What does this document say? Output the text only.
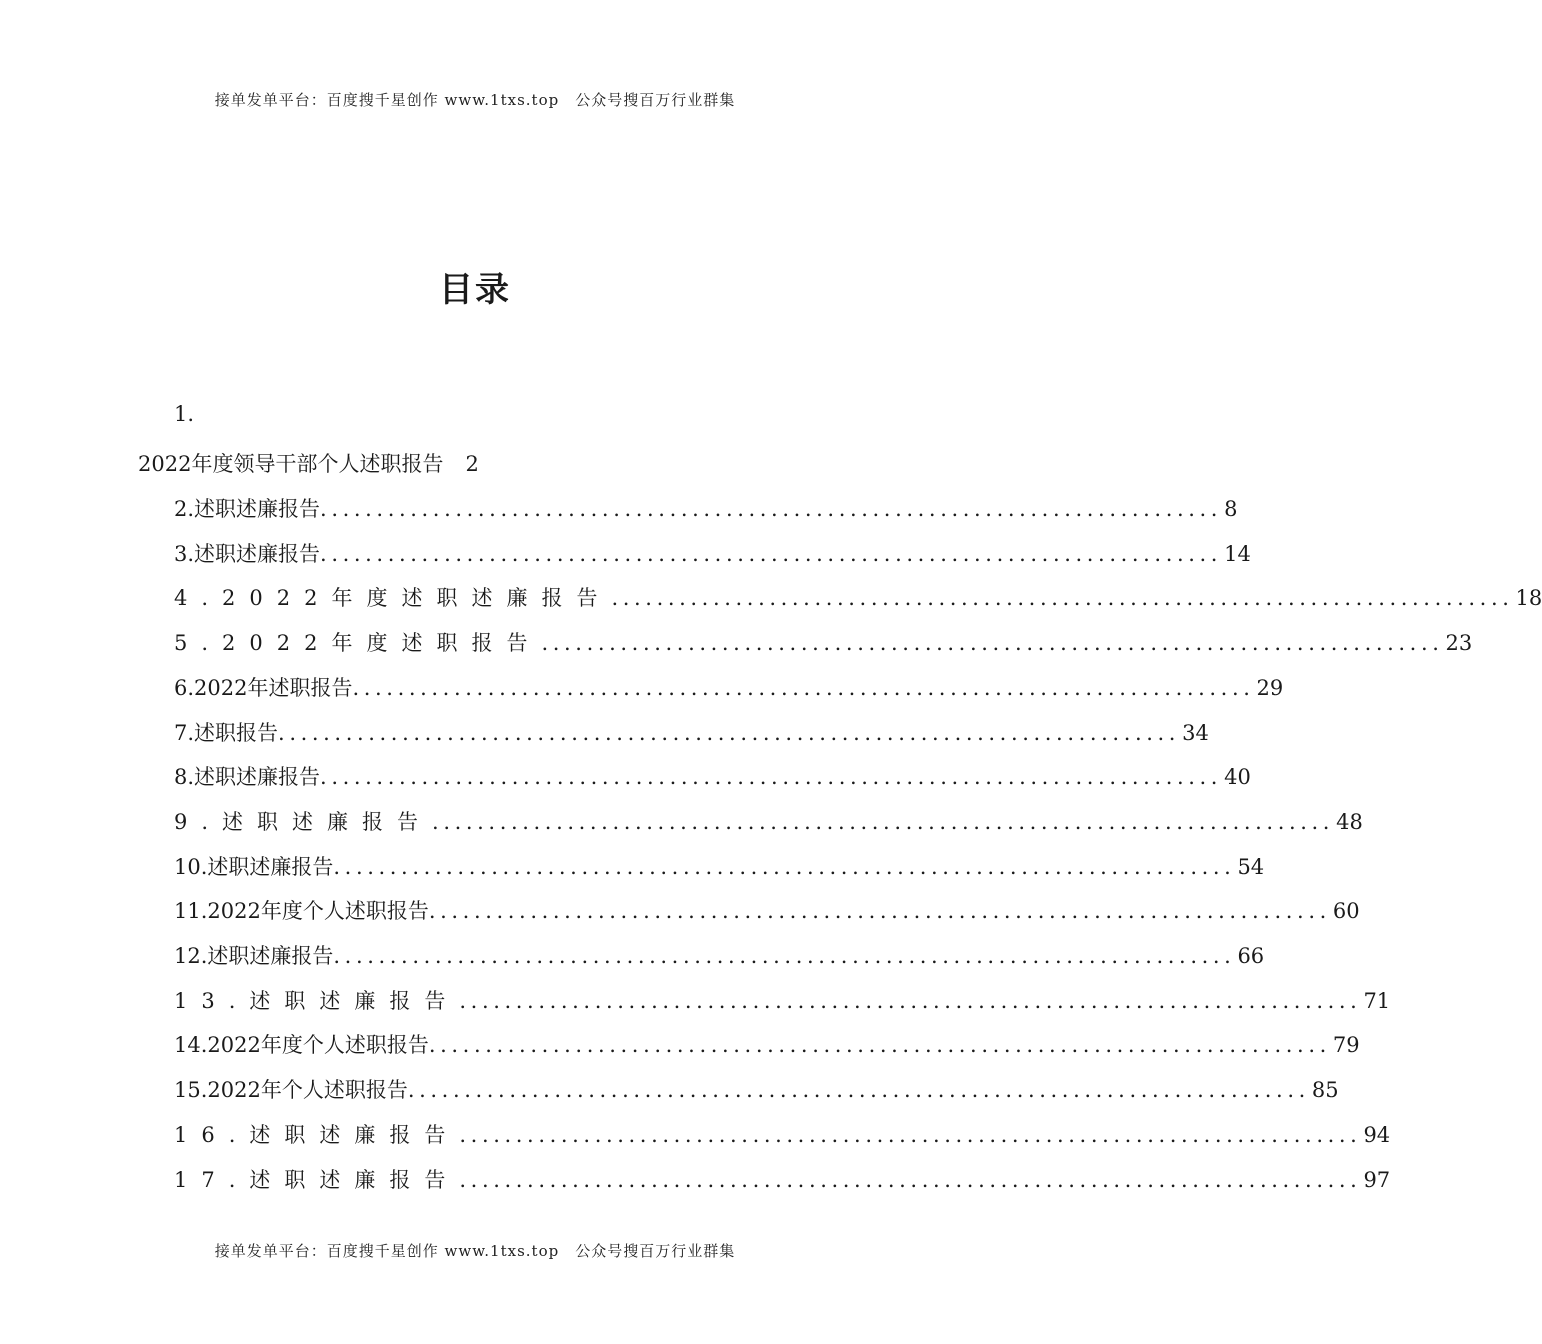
接单发单平台：百度搜千星创作 www.1txs.top　公众号搜百万行业群集
目录
1.
2022年度领导干部个人述职报告 2
2.述职述廉报告 ................................................................................ 8
3.述职述廉报告 ................................................................................ 14
4.2022年度述职述廉报告 ................................................................................ 18
5.2022年度述职报告 ................................................................................ 23
6.2022年述职报告 ................................................................................ 29
7.述职报告 ................................................................................ 34
8.述职述廉报告 ................................................................................ 40
9.述职述廉报告 ................................................................................ 48
10.述职述廉报告 ................................................................................ 54
11.2022年度个人述职报告 ................................................................................ 60
12.述职述廉报告 ................................................................................ 66
13.述职述廉报告 ................................................................................ 71
14.2022年度个人述职报告 ................................................................................ 79
15.2022年个人述职报告 ................................................................................ 85
16.述职述廉报告 ................................................................................ 94
17.述职述廉报告 ................................................................................ 97
接单发单平台：百度搜千星创作 www.1txs.top　公众号搜百万行业群集
